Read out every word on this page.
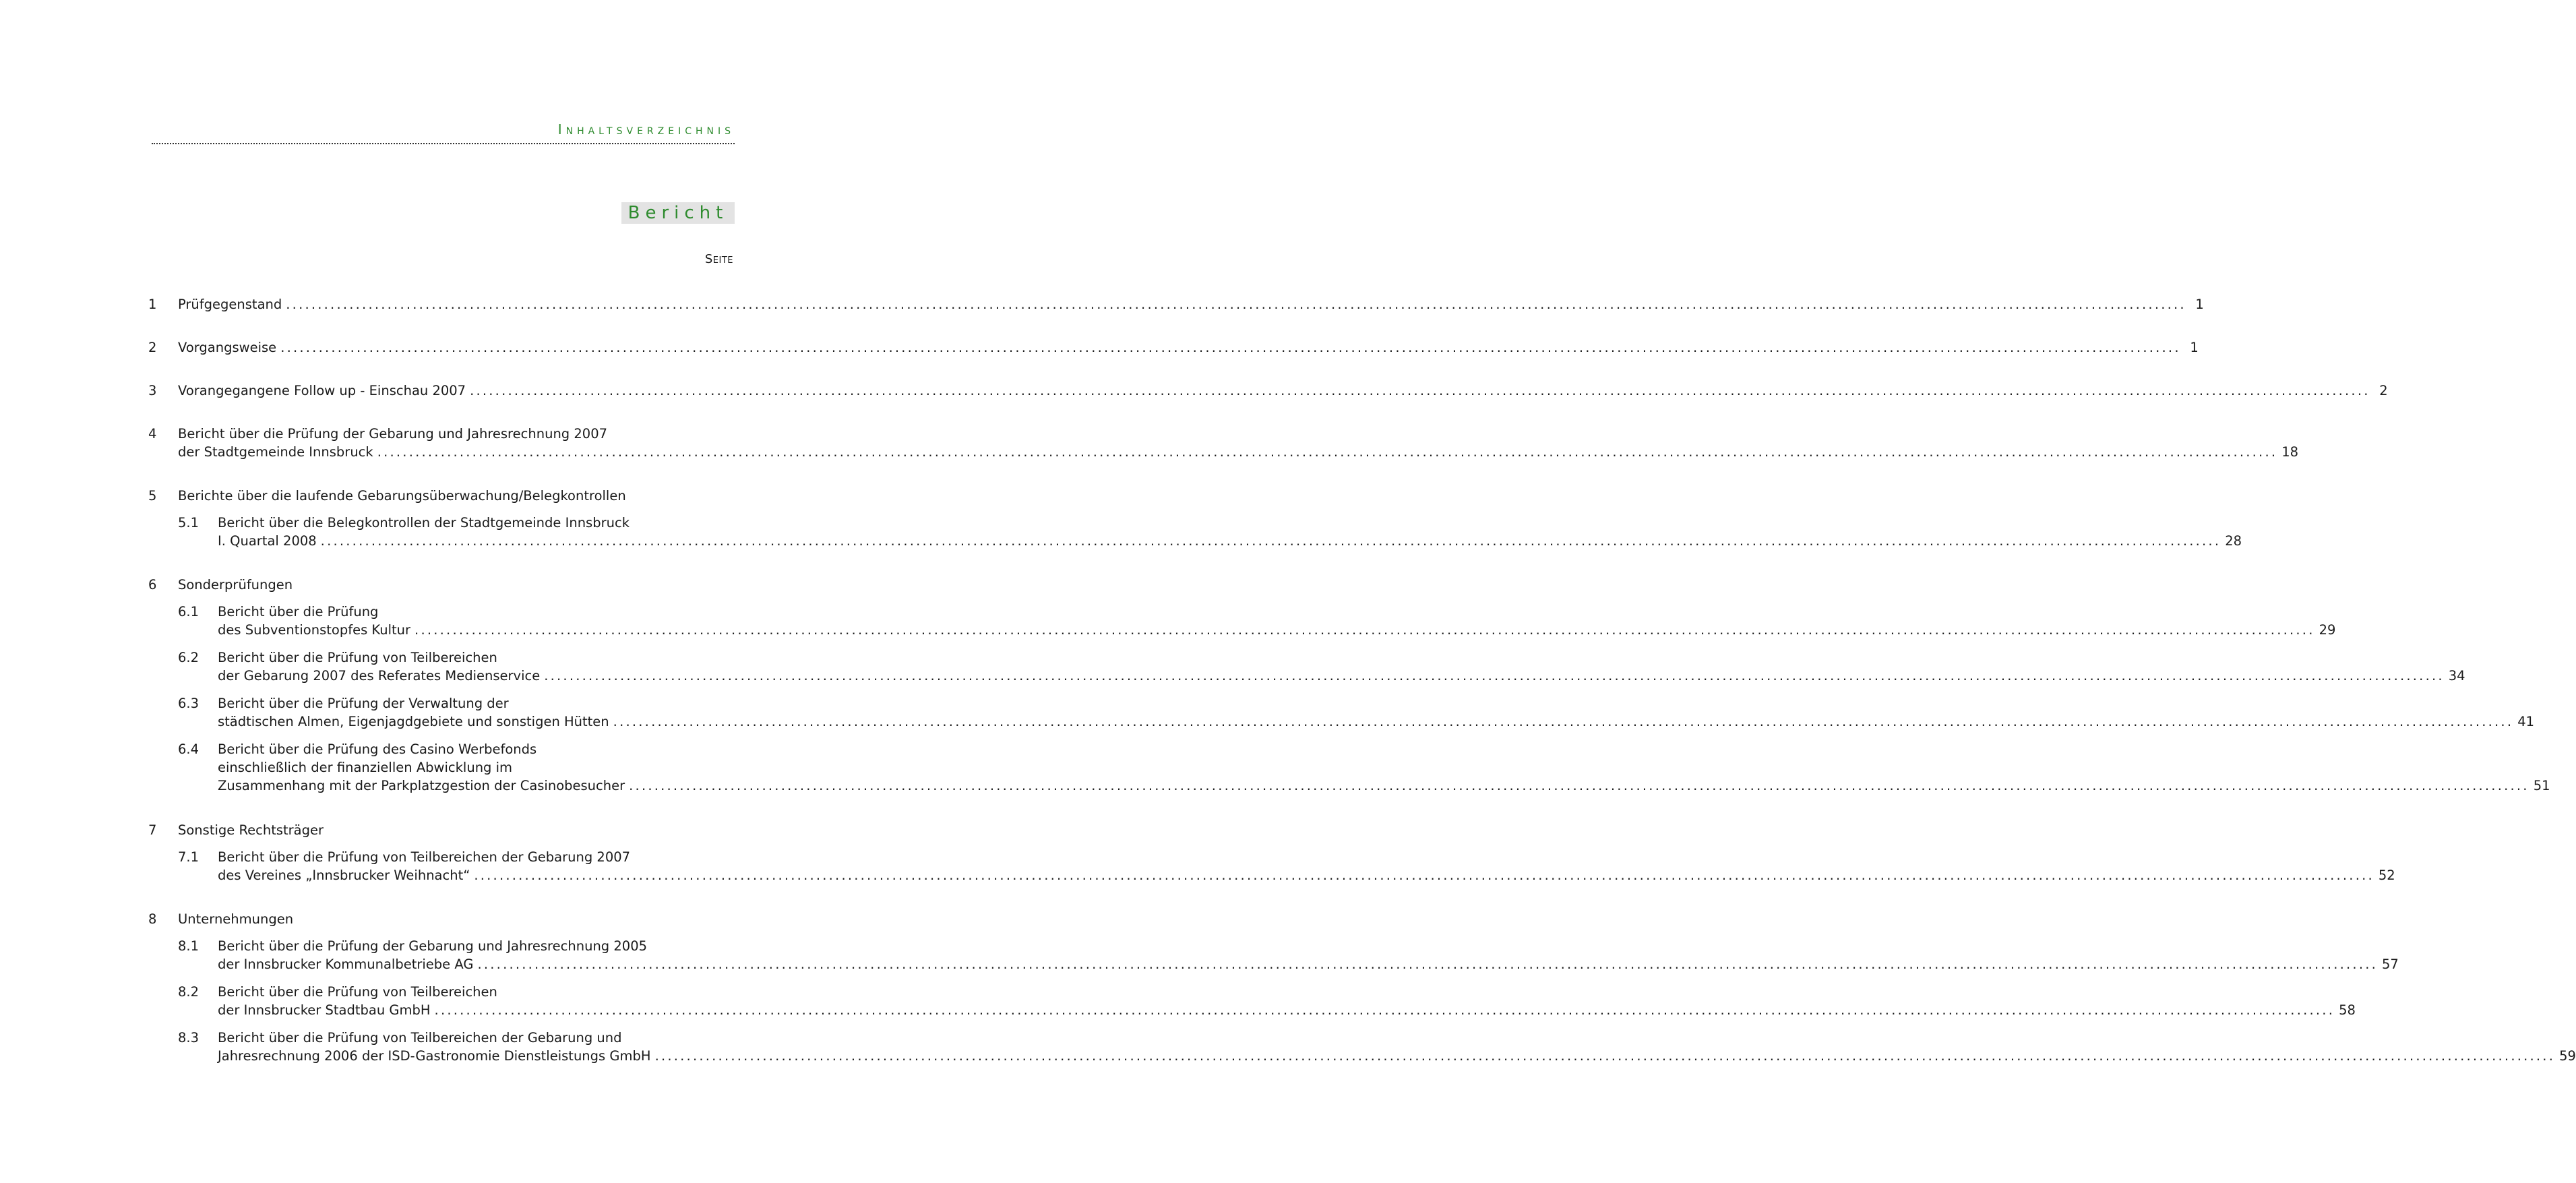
Inhaltsverzeichnis
Bericht
Seite
1 Prüfgegenstand ............................................................................................................................................................................................................................................................................................................ 1
2 Vorgangsweise ............................................................................................................................................................................................................................................................................................................ 1
3 Vorangegangene Follow up - Einschau 2007 ............................................................................................................................................................................................................................................................................................................ 2
4 Bericht über die Prüfung der Gebarung und Jahresrechnung 2007
der Stadtgemeinde Innsbruck ............................................................................................................................................................................................................................................................................................................ 18
5 Berichte über die laufende Gebarungsüberwachung/Belegkontrollen
5.1 Bericht über die Belegkontrollen der Stadtgemeinde Innsbruck
I. Quartal 2008 ............................................................................................................................................................................................................................................................................................................ 28
6 Sonderprüfungen
6.1 Bericht über die Prüfung
des Subventionstopfes Kultur ............................................................................................................................................................................................................................................................................................................ 29
6.2 Bericht über die Prüfung von Teilbereichen
der Gebarung 2007 des Referates Medienservice ............................................................................................................................................................................................................................................................................................................ 34
6.3 Bericht über die Prüfung der Verwaltung der
städtischen Almen, Eigenjagdgebiete und sonstigen Hütten ............................................................................................................................................................................................................................................................................................................ 41
6.4 Bericht über die Prüfung des Casino Werbefonds
einschließlich der finanziellen Abwicklung im
Zusammenhang mit der Parkplatzgestion der Casinobesucher ............................................................................................................................................................................................................................................................................................................ 51
7 Sonstige Rechtsträger
7.1 Bericht über die Prüfung von Teilbereichen der Gebarung 2007
des Vereines „Innsbrucker Weihnacht“ ............................................................................................................................................................................................................................................................................................................ 52
8 Unternehmungen
8.1 Bericht über die Prüfung der Gebarung und Jahresrechnung 2005
der Innsbrucker Kommunalbetriebe AG ............................................................................................................................................................................................................................................................................................................ 57
8.2 Bericht über die Prüfung von Teilbereichen
der Innsbrucker Stadtbau GmbH ............................................................................................................................................................................................................................................................................................................ 58
8.3 Bericht über die Prüfung von Teilbereichen der Gebarung und
Jahresrechnung 2006 der ISD-Gastronomie Dienstleistungs GmbH ............................................................................................................................................................................................................................................................................................................ 59
